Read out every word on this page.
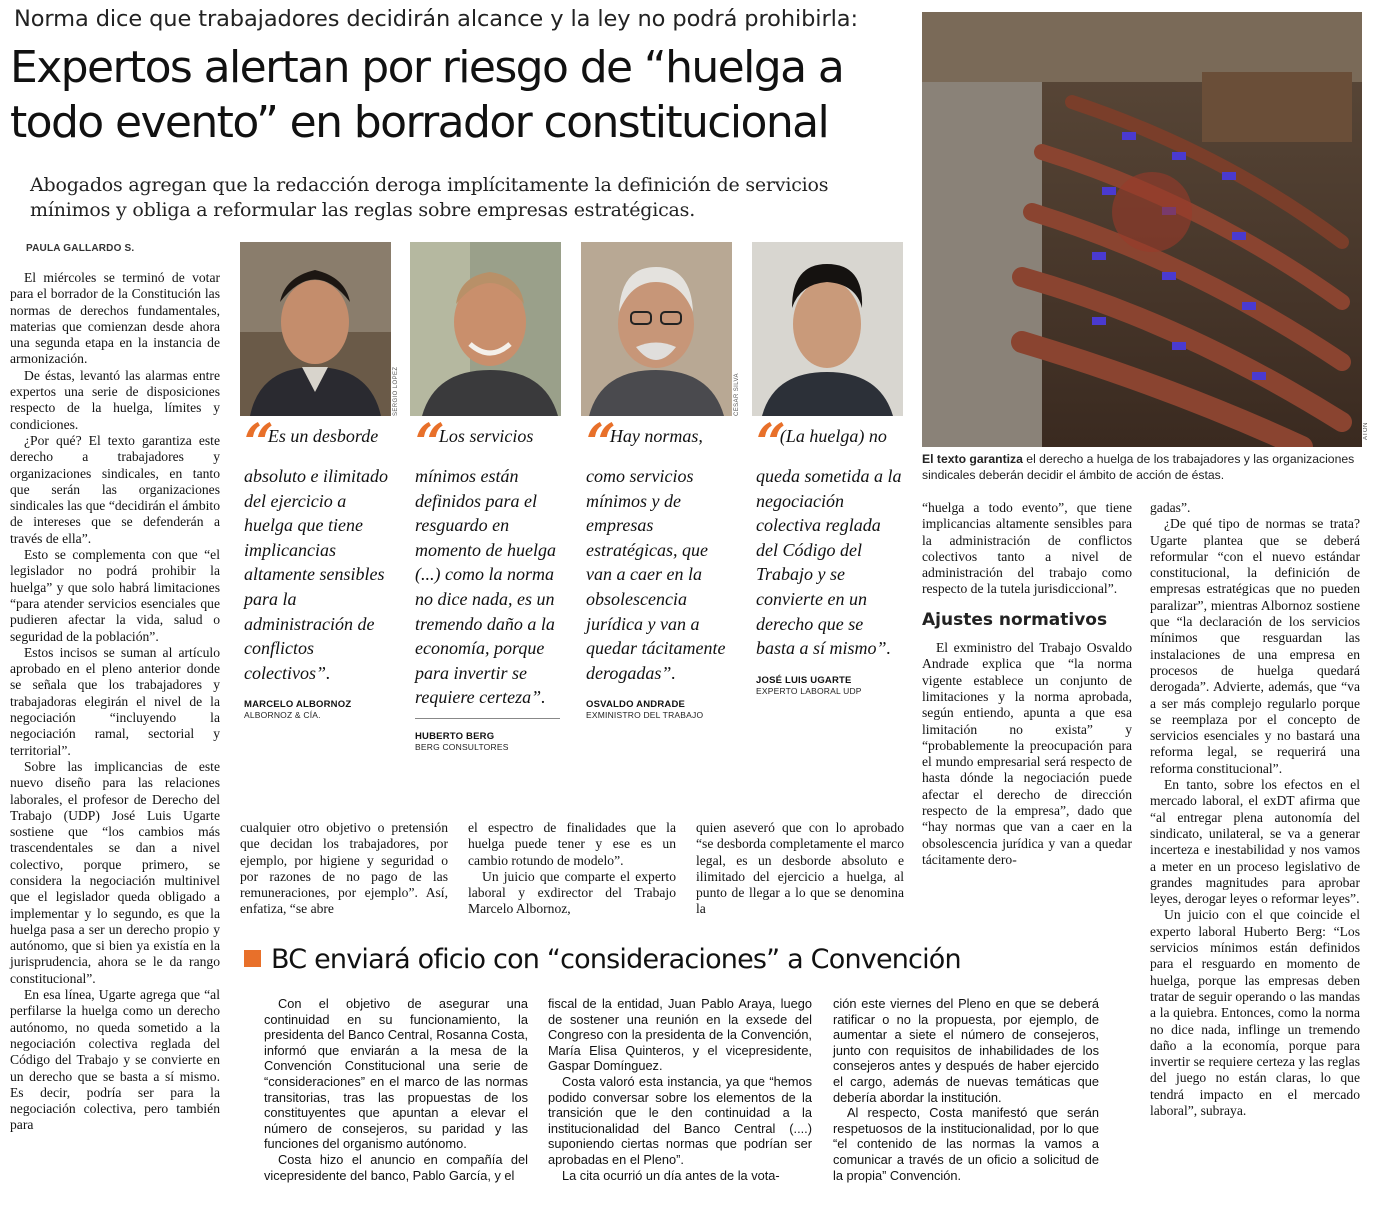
Norma dice que trabajadores decidirán alcance y la ley no podrá prohibirla:
Expertos alertan por riesgo de “huelga a todo evento” en borrador constitucional
Abogados agregan que la redacción deroga implícitamente la definición de servicios mínimos y obliga a reformular las reglas sobre empresas estratégicas.
PAULA GALLARDO S.

El miércoles se terminó de votar para el borrador de la Constitución las normas de derechos fundamentales, materias que comienzan desde ahora una segunda etapa en la instancia de armonización.

De éstas, levantó las alarmas entre expertos una serie de disposiciones respecto de la huelga, límites y condiciones.

¿Por qué? El texto garantiza este derecho a trabajadores y organizaciones sindicales, en tanto que serán las organizaciones sindicales las que “decidirán el ámbito de intereses que se defenderán a través de ella”.

Esto se complementa con que “el legislador no podrá prohibir la huelga” y que solo habrá limitaciones “para atender servicios esenciales que pudieren afectar la vida, salud o seguridad de la población”.

Estos incisos se suman al artículo aprobado en el pleno anterior donde se señala que los trabajadores y trabajadoras elegirán el nivel de la negociación “incluyendo la negociación ramal, sectorial y territorial”.

Sobre las implicancias de este nuevo diseño para las relaciones laborales, el profesor de Derecho del Trabajo (UDP) José Luis Ugarte sostiene que “los cambios más trascendentales se dan a nivel colectivo, porque primero, se considera la negociación multinivel que el legislador queda obligado a implementar y lo segundo, es que la huelga pasa a ser un derecho propio y autónomo, que si bien ya existía en la jurisprudencia, ahora se le da rango constitucional”.

En esa línea, Ugarte agrega que “al perfilarse la huelga como un derecho autónomo, no queda sometido a la negociación colectiva reglada del Código del Trabajo y se convierte en un derecho que se basta a sí mismo. Es decir, podría ser para la negociación colectiva, pero también para

SERGIO LÓPEZ	CÉSAR SILVA
“Es un desborde absoluto e ilimitado del ejercicio a huelga que tiene implicancias altamente sensibles para la administración de conflictos colectivos”.
MARCELO ALBORNOZ
ALBORNOZ & CÍA.
“Los servicios mínimos están definidos para el resguardo en momento de huelga (...) como la norma no dice nada, es un tremendo daño a la economía, porque para invertir se requiere certeza”.
HUBERTO BERG
BERG CONSULTORES
“Hay normas, como servicios mínimos y de empresas estratégicas, que van a caer en la obsolescencia jurídica y van a quedar tácitamente derogadas”.
OSVALDO ANDRADE
EXMINISTRO DEL TRABAJO
“(La huelga) no queda sometida a la negociación colectiva reglada del Código del Trabajo y se convierte en un derecho que se basta a sí mismo”.
JOSÉ LUIS UGARTE
EXPERTO LABORAL UDP

cualquier otro objetivo o pretensión que decidan los trabajadores, por ejemplo, por higiene y seguridad o por razones de no pago de las remuneraciones, por ejemplo”. Así, enfatiza, “se abre

el espectro de finalidades que la huelga puede tener y ese es un cambio rotundo de modelo”.

Un juicio que comparte el experto laboral y exdirector del Trabajo Marcelo Albornoz,

quien aseveró que con lo aprobado “se desborda completamente el marco legal, es un desborde absoluto e ilimitado del ejercicio a huelga, al punto de llegar a lo que se denomina la

ATON
El texto garantiza el derecho a huelga de los trabajadores y las organizaciones sindicales deberán decidir el ámbito de acción de éstas.

“huelga a todo evento”, que tiene implicancias altamente sensibles para la administración de conflictos colectivos tanto a nivel de administración del trabajo como respecto de la tutela jurisdiccional”.

Ajustes normativos

El exministro del Trabajo Osvaldo Andrade explica que “la norma vigente establece un conjunto de limitaciones y la norma aprobada, según entiendo, apunta a que esa limitación no exista” y “probablemente la preocupación para el mundo empresarial será respecto de hasta dónde la negociación puede afectar el derecho de dirección respecto de la empresa”, dado que “hay normas que van a caer en la obsolescencia jurídica y van a quedar tácitamente dero-

gadas”.

¿De qué tipo de normas se trata? Ugarte plantea que se deberá reformular “con el nuevo estándar constitucional, la definición de empresas estratégicas que no pueden paralizar”, mientras Albornoz sostiene que “la declaración de los servicios mínimos que resguardan las instalaciones de una empresa en procesos de huelga quedará derogada”. Advierte, además, que “va a ser más complejo regularlo porque se reemplaza por el concepto de servicios esenciales y no bastará una reforma legal, se requerirá una reforma constitucional”.

En tanto, sobre los efectos en el mercado laboral, el exDT afirma que “al entregar plena autonomía del sindicato, unilateral, se va a generar incerteza e inestabilidad y nos vamos a meter en un proceso legislativo de grandes magnitudes para aprobar leyes, derogar leyes o reformar leyes”.

Un juicio con el que coincide el experto laboral Huberto Berg: “Los servicios mínimos están definidos para el resguardo en momento de huelga, porque las empresas deben tratar de seguir operando o las mandas a la quiebra. Entonces, como la norma no dice nada, inflinge un tremendo daño a la economía, porque para invertir se requiere certeza y las reglas del juego no están claras, lo que tendrá impacto en el mercado laboral”, subraya.

BC enviará oficio con “consideraciones” a Convención

Con el objetivo de asegurar una continuidad en su funcionamiento, la presidenta del Banco Central, Rosanna Costa, informó que enviarán a la mesa de la Convención Constitucional una serie de “consideraciones” en el marco de las normas transitorias, tras las propuestas de los constituyentes que apuntan a elevar el número de consejeros, su paridad y las funciones del organismo autónomo.

Costa hizo el anuncio en compañía del vicepresidente del banco, Pablo García, y el

fiscal de la entidad, Juan Pablo Araya, luego de sostener una reunión en la exsede del Congreso con la presidenta de la Convención, María Elisa Quinteros, y el vicepresidente, Gaspar Domínguez.

Costa valoró esta instancia, ya que “hemos podido conversar sobre los elementos de la transición que le den continuidad a la institucionalidad del Banco Central (....) suponiendo ciertas normas que podrían ser aprobadas en el Pleno”.

La cita ocurrió un día antes de la vota-

ción este viernes del Pleno en que se deberá ratificar o no la propuesta, por ejemplo, de aumentar a siete el número de consejeros, junto con requisitos de inhabilidades de los consejeros antes y después de haber ejercido el cargo, además de nuevas temáticas que debería abordar la institución.

Al respecto, Costa manifestó que serán respetuosos de la institucionalidad, por lo que “el contenido de las normas la vamos a comunicar a través de un oficio a solicitud de la propia” Convención.
